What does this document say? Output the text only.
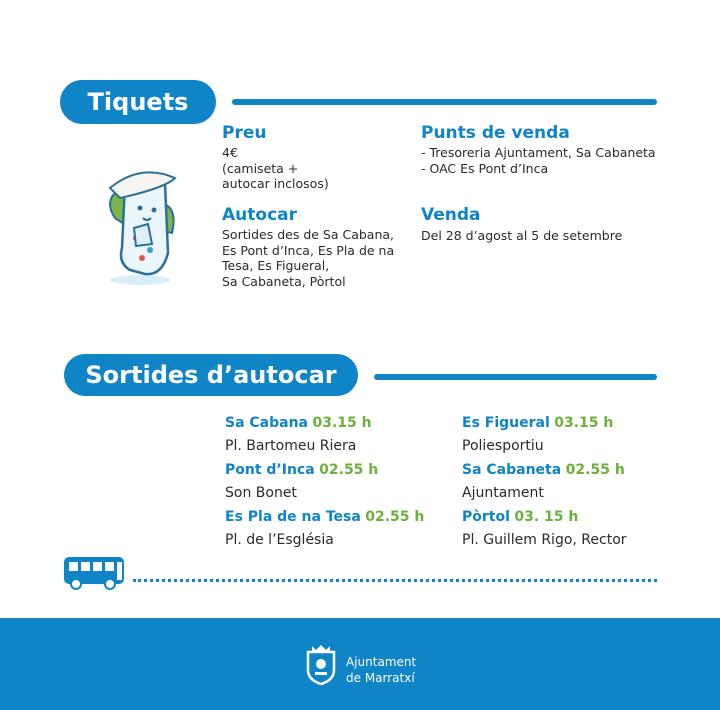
Tiquets
Preu
4€
(camiseta +
autocar inclosos)
Autocar
Sortides des de Sa Cabana,
Es Pont d’Inca, Es Pla de na
Tesa, Es Figueral,
Sa Cabaneta, Pòrtol
Punts de venda
- Tresoreria Ajuntament, Sa Cabaneta
- OAC Es Pont d’Inca
Venda
Del 28 d’agost al 5 de setembre
Sortides d’autocar
Sa Cabana 03.15 h
Pl. Bartomeu Riera
Pont d’Inca 02.55 h
Son Bonet
Es Pla de na Tesa 02.55 h
Pl. de l’Església
Es Figueral 03.15 h
Poliesportiu
Sa Cabaneta 02.55 h
Ajuntament
Pòrtol 03. 15 h
Pl. Guillem Rigo, Rector
Ajuntament
de Marratxí
